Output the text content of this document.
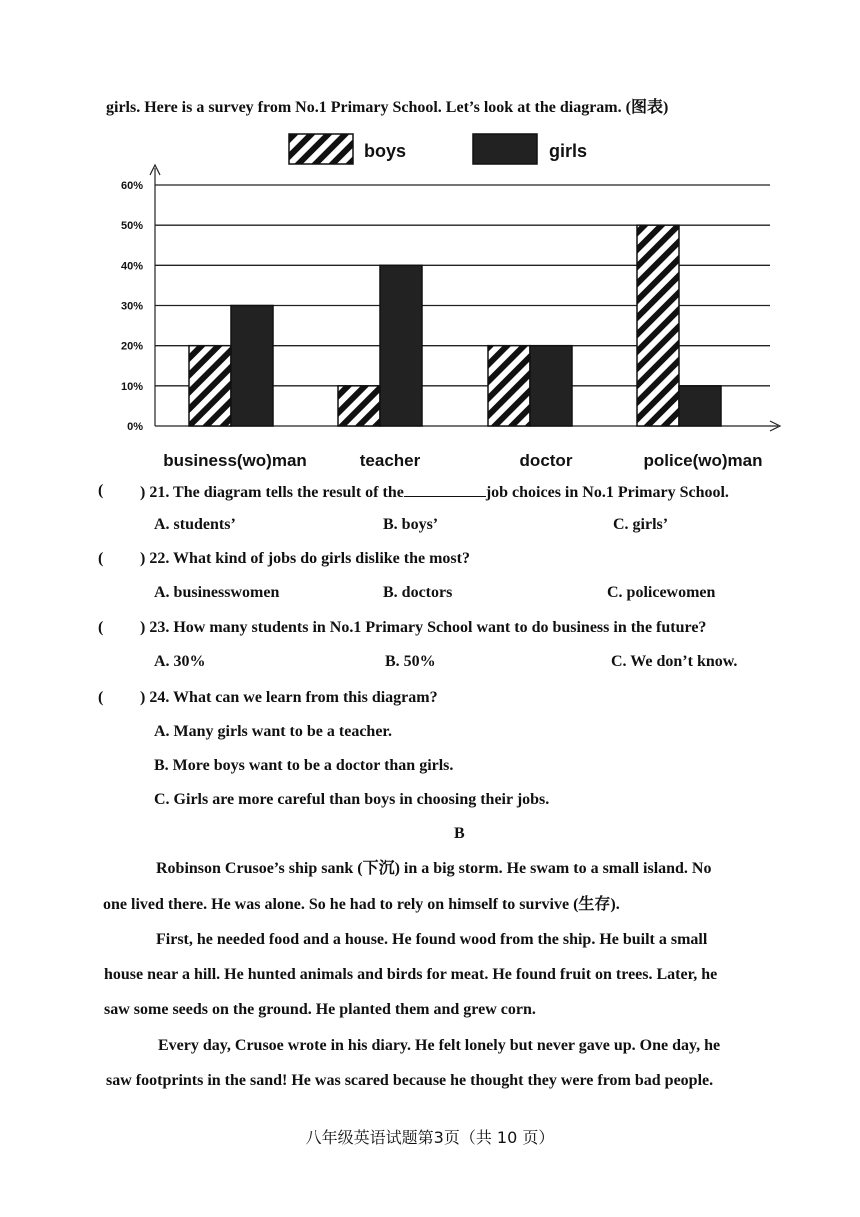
girls. Here is a survey from No.1 Primary School. Let’s look at the diagram. (图表)
0%
10%
20%
30%
40%
50%
60%
business(wo)man	teacher	doctor	police(wo)man
boys	girls
( ) 21. The diagram tells the result of the	job choices in No.1 Primary School.
A. students’	B. boys’	C. girls’
( ) 22. What kind of jobs do girls dislike the most?
A. businesswomen	B. doctors	C. policewomen
( ) 23. How many students in No.1 Primary School want to do business in the future?
A. 30%	B. 50%	C. We don’t know.
( ) 24. What can we learn from this diagram?
A. Many girls want to be a teacher.
B. More boys want to be a doctor than girls.
C. Girls are more careful than boys in choosing their jobs.
B
Robinson Crusoe’s ship sank (下沉) in a big storm. He swam to a small island. No
one lived there. He was alone. So he had to rely on himself to survive (生存).
First, he needed food and a house. He found wood from the ship. He built a small
house near a hill. He hunted animals and birds for meat. He found fruit on trees. Later, he
saw some seeds on the ground. He planted them and grew corn.
Every day, Crusoe wrote in his diary. He felt lonely but never gave up. One day, he
saw footprints in the sand! He was scared because he thought they were from bad people.
八年级英语试题第3页（共 10 页）
